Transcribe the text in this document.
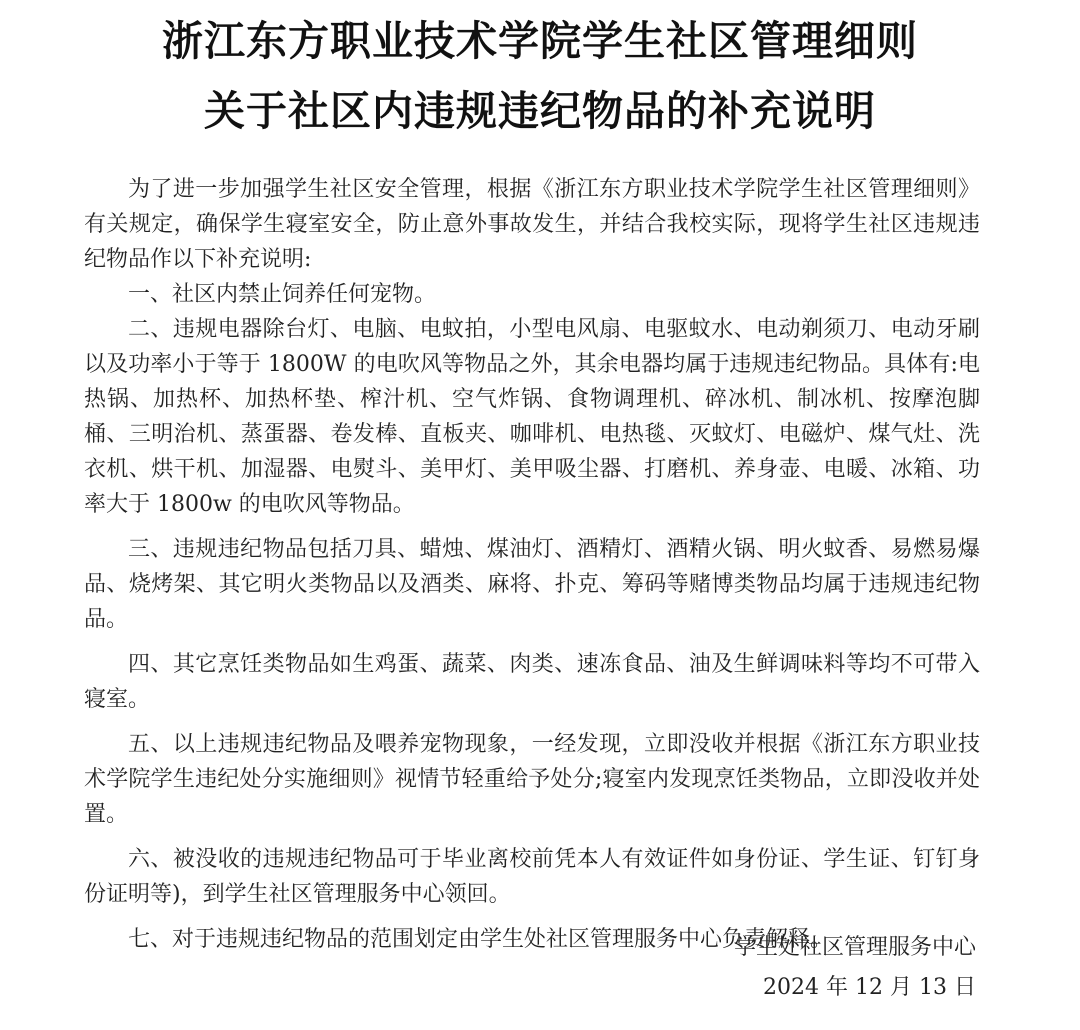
浙江东方职业技术学院学生社区管理细则
关于社区内违规违纪物品的补充说明

为了进一步加强学生社区安全管理，根据《浙江东方职业技术学院学生社区管理细则》有关规定，确保学生寝室安全，防止意外事故发生，并结合我校实际，现将学生社区违规违纪物品作以下补充说明:

一、社区内禁止饲养任何宠物。

二、违规电器除台灯、电脑、电蚊拍，小型电风扇、电驱蚊水、电动剃须刀、电动牙刷以及功率小于等于 1800W 的电吹风等物品之外，其余电器均属于违规违纪物品。具体有:电热锅、加热杯、加热杯垫、榨汁机、空气炸锅、食物调理机、碎冰机、制冰机、按摩泡脚桶、三明治机、蒸蛋器、卷发棒、直板夹、咖啡机、电热毯、灭蚊灯、电磁炉、煤气灶、洗衣机、烘干机、加湿器、电熨斗、美甲灯、美甲吸尘器、打磨机、养身壶、电暖、冰箱、功率大于 1800w 的电吹风等物品。

三、违规违纪物品包括刀具、蜡烛、煤油灯、酒精灯、酒精火锅、明火蚊香、易燃易爆品、烧烤架、其它明火类物品以及酒类、麻将、扑克、筹码等赌博类物品均属于违规违纪物品。

四、其它烹饪类物品如生鸡蛋、蔬菜、肉类、速冻食品、油及生鲜调味料等均不可带入寝室。

五、以上违规违纪物品及喂养宠物现象，一经发现，立即没收并根据《浙江东方职业技术学院学生违纪处分实施细则》视情节轻重给予处分;寝室内发现烹饪类物品，立即没收并处置。

六、被没收的违规违纪物品可于毕业离校前凭本人有效证件如身份证、学生证、钉钉身份证明等)，到学生社区管理服务中心领回。

七、对于违规违纪物品的范围划定由学生处社区管理服务中心负责解释。

学生处社区管理服务中心
2024 年 12 月 13 日
